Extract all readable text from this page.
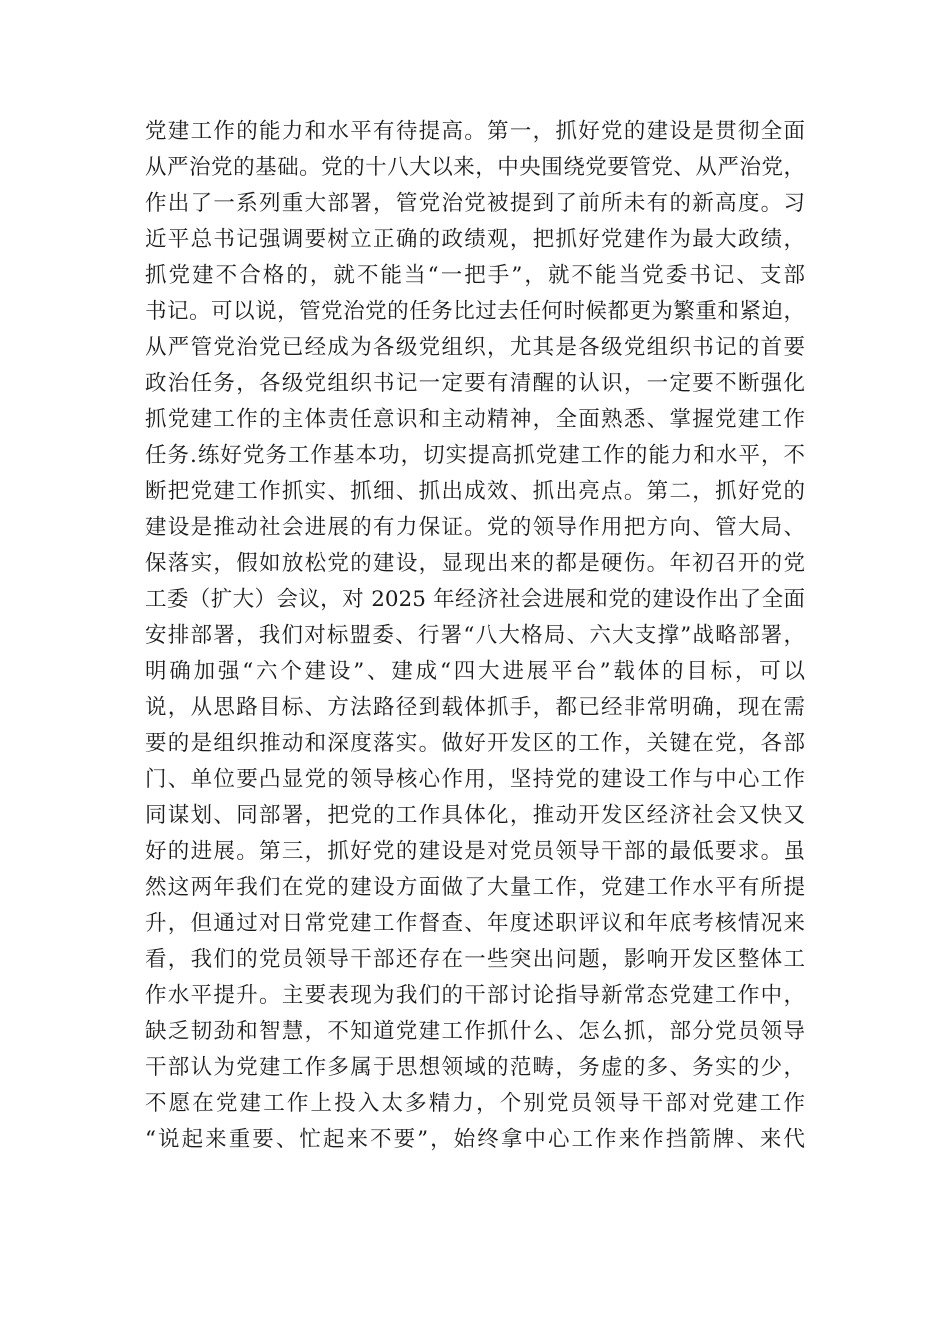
党建工作的能力和水平有待提高。第一，抓好党的建设是贯彻全面
从严治党的基础。党的十八大以来，中央围绕党要管党、从严治党，
作出了一系列重大部署，管党治党被提到了前所未有的新高度。习
近平总书记强调要树立正确的政绩观，把抓好党建作为最大政绩，
抓党建不合格的，就不能当“一把手”，就不能当党委书记、支部
书记。可以说，管党治党的任务比过去任何时候都更为繁重和紧迫，
从严管党治党已经成为各级党组织，尤其是各级党组织书记的首要
政治任务，各级党组织书记一定要有清醒的认识，一定要不断强化
抓党建工作的主体责任意识和主动精神，全面熟悉、掌握党建工作
任务.练好党务工作基本功，切实提高抓党建工作的能力和水平，不
断把党建工作抓实、抓细、抓出成效、抓出亮点。第二，抓好党的
建设是推动社会进展的有力保证。党的领导作用把方向、管大局、
保落实，假如放松党的建设，显现出来的都是硬伤。年初召开的党
工委（扩大）会议，对 2025 年经济社会进展和党的建设作出了全面
安排部署，我们对标盟委、行署“八大格局、六大支撑”战略部署，
明确加强“六个建设”、建成“四大进展平台”载体的目标，可以
说，从思路目标、方法路径到载体抓手，都已经非常明确，现在需
要的是组织推动和深度落实。做好开发区的工作，关键在党，各部
门、单位要凸显党的领导核心作用，坚持党的建设工作与中心工作
同谋划、同部署，把党的工作具体化，推动开发区经济社会又快又
好的进展。第三，抓好党的建设是对党员领导干部的最低要求。虽
然这两年我们在党的建设方面做了大量工作，党建工作水平有所提
升，但通过对日常党建工作督查、年度述职评议和年底考核情况来
看，我们的党员领导干部还存在一些突出问题，影响开发区整体工
作水平提升。主要表现为我们的干部讨论指导新常态党建工作中，
缺乏韧劲和智慧，不知道党建工作抓什么、怎么抓，部分党员领导
干部认为党建工作多属于思想领域的范畴，务虚的多、务实的少，
不愿在党建工作上投入太多精力，个别党员领导干部对党建工作
“说起来重要、忙起来不要”，始终拿中心工作来作挡箭牌、来代
